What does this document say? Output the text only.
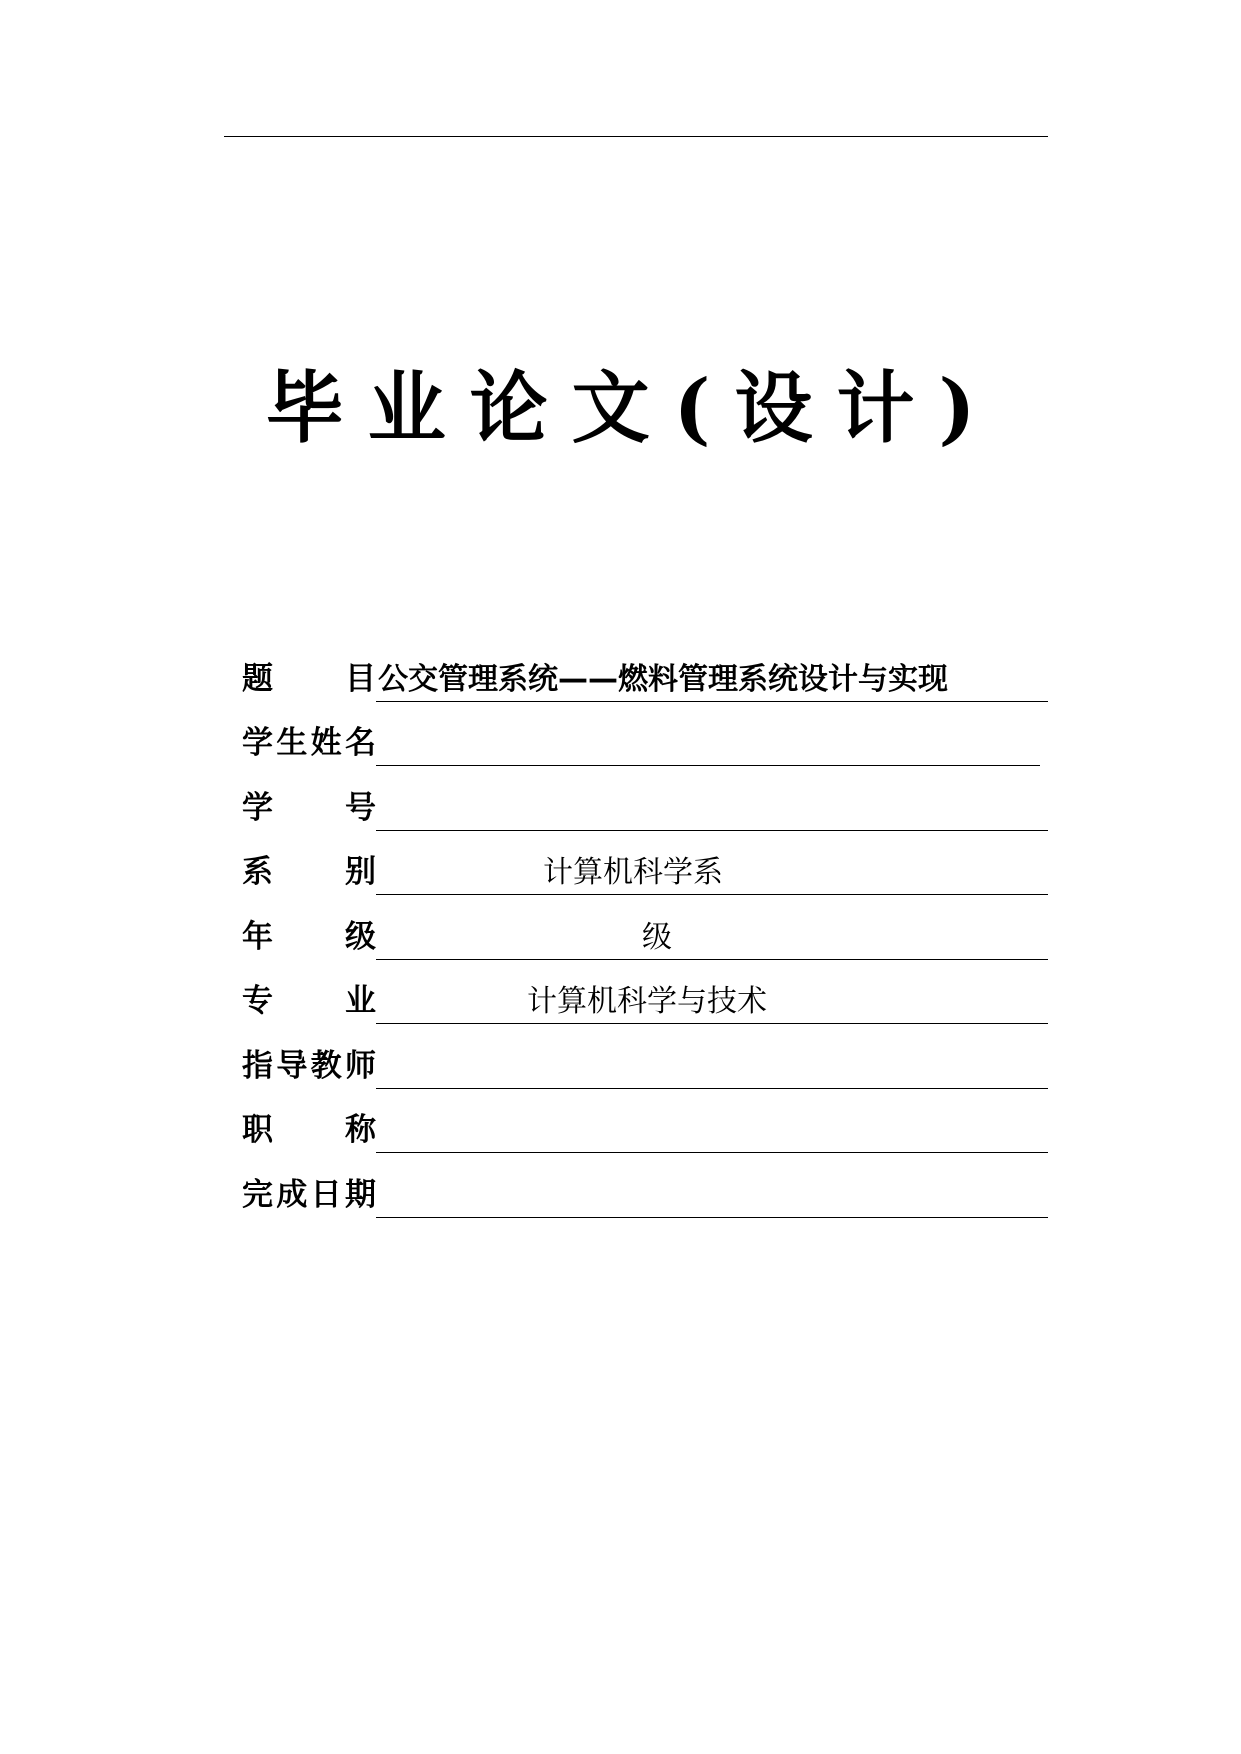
毕业论文(设计)
题 目 公交管理系统——燃料管理系统设计与实现
学 生 姓 名
学 号
系 别	计算机科学系
年 级	级
专 业	计算机科学与技术
指 导 教 师
职 称
完 成 日 期
